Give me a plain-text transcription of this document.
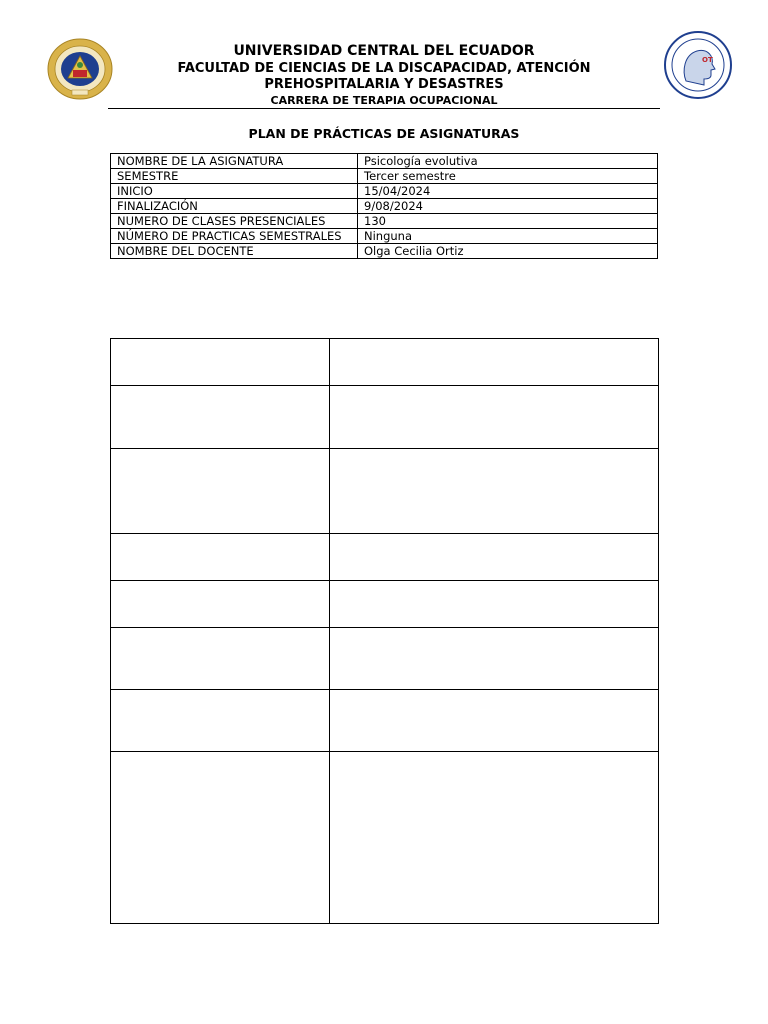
OT
UNIVERSIDAD CENTRAL DEL ECUADOR
FACULTAD DE CIENCIAS DE LA DISCAPACIDAD, ATENCIÓN
PREHOSPITALARIA Y DESASTRES
CARRERA DE TERAPIA OCUPACIONAL
PLAN DE PRÁCTICAS DE ASIGNATURAS
NOMBRE DE LA ASIGNATURA	Psicología evolutiva
SEMESTRE	Tercer semestre
INICIO	15/04/2024
FINALIZACIÓN	9/08/2024
NUMERO DE CLASES PRESENCIALES	130
NÚMERO DE PRACTICAS SEMESTRALES	Ninguna
NOMBRE DEL DOCENTE	Olga Cecilia Ortiz
